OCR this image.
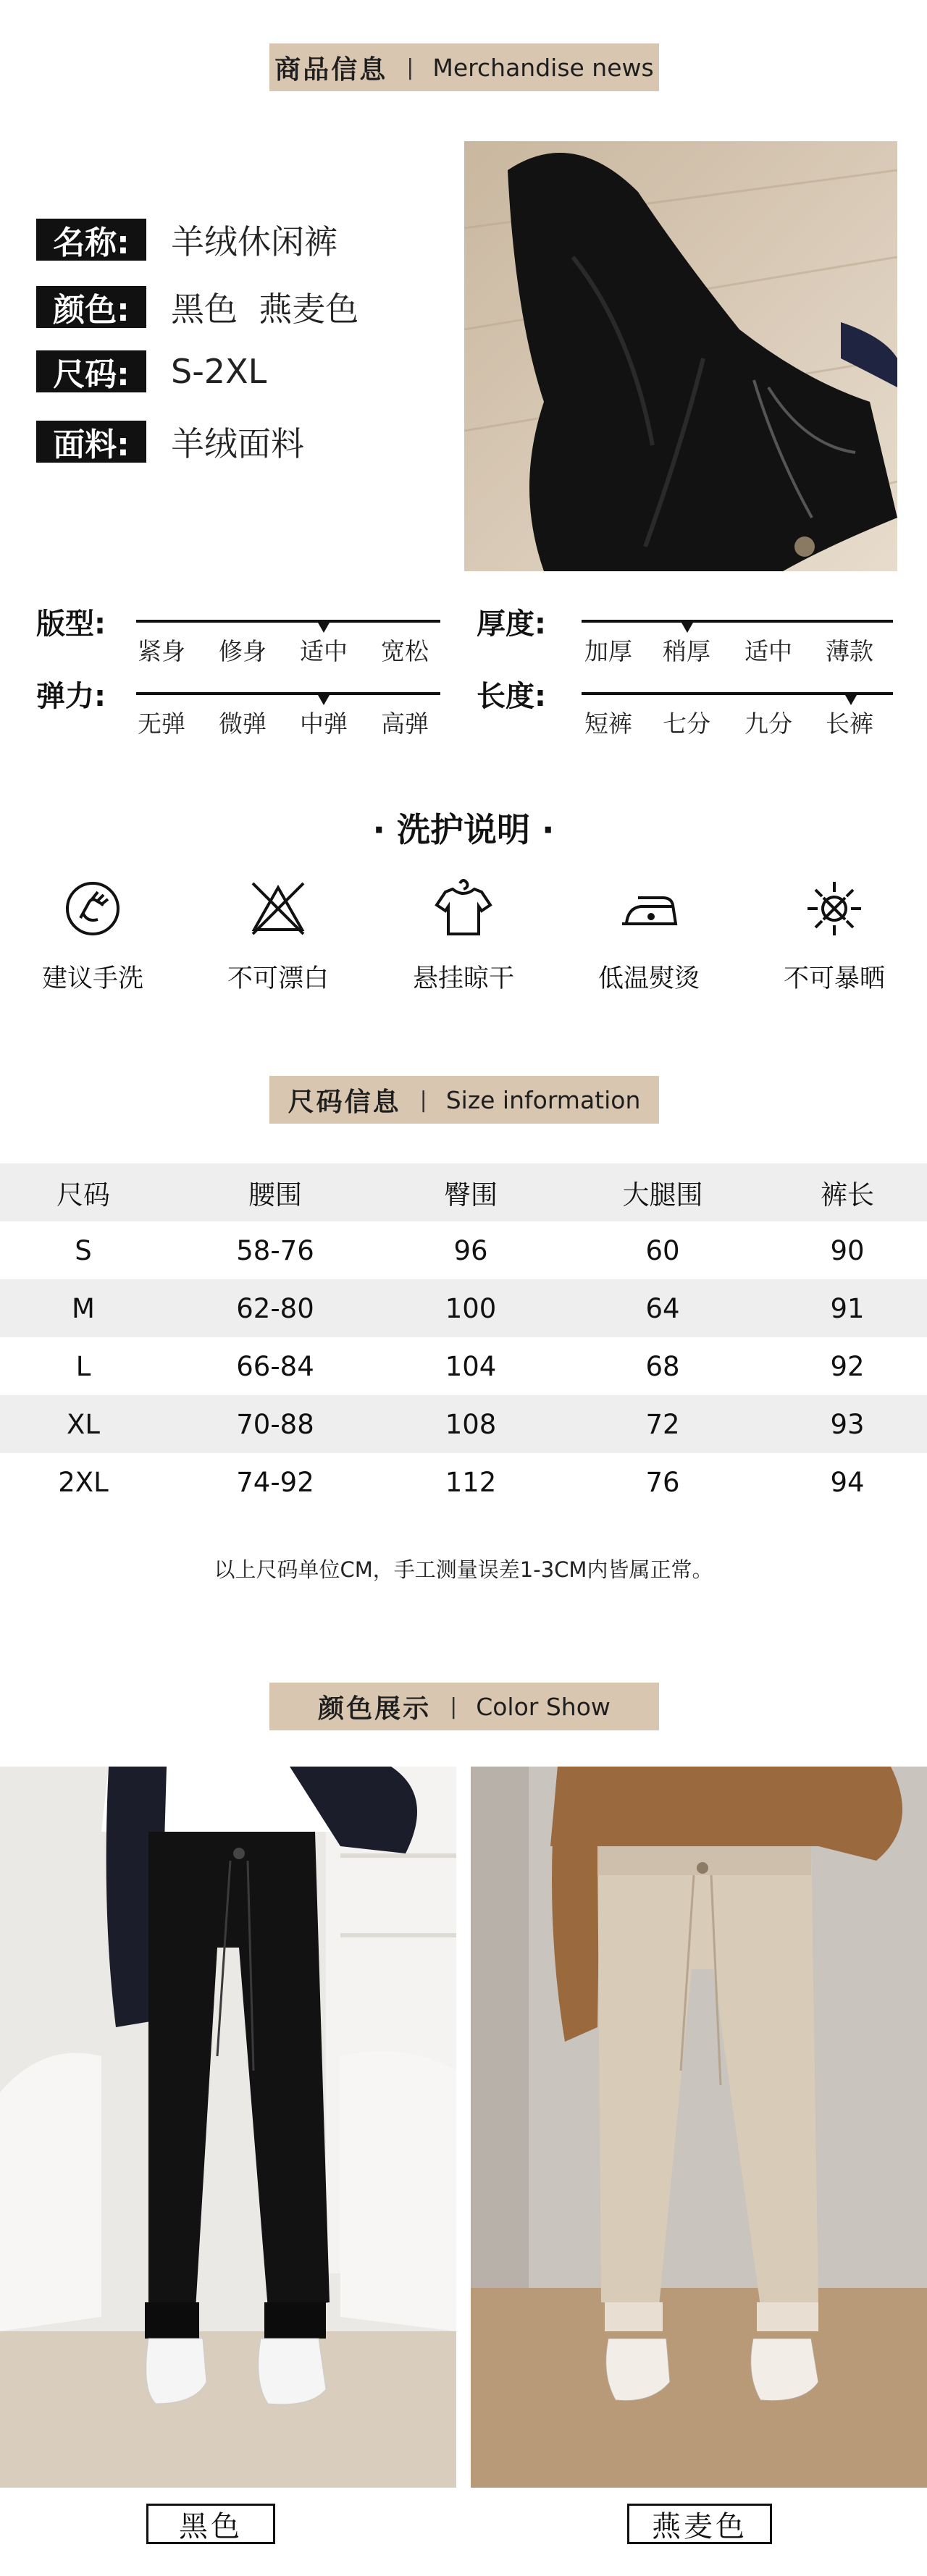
商品信息 | Merchandise news
名称:	羊绒休闲裤
颜色:	黑色  燕麦色
尺码:	S-2XL
面料:	羊绒面料
版型:
紧身	修身	适中	宽松
厚度:
加厚	稍厚	适中	薄款
弹力:
无弹	微弹	中弹	高弹
长度:
短裤	七分	九分	长裤
· 洗护说明 ·
建议手洗	不可漂白	悬挂晾干	低温熨烫	不可暴晒
尺码信息 | Size information
尺码	腰围	臀围	大腿围	裤长
S	58-76	96	60	90
M	62-80	100	64	91
L	66-84	104	68	92
XL	70-88	108	72	93
2XL	74-92	112	76	94
以上尺码单位CM，手工测量误差1-3CM内皆属正常。
颜色展示 | Color Show
黑色	燕麦色
